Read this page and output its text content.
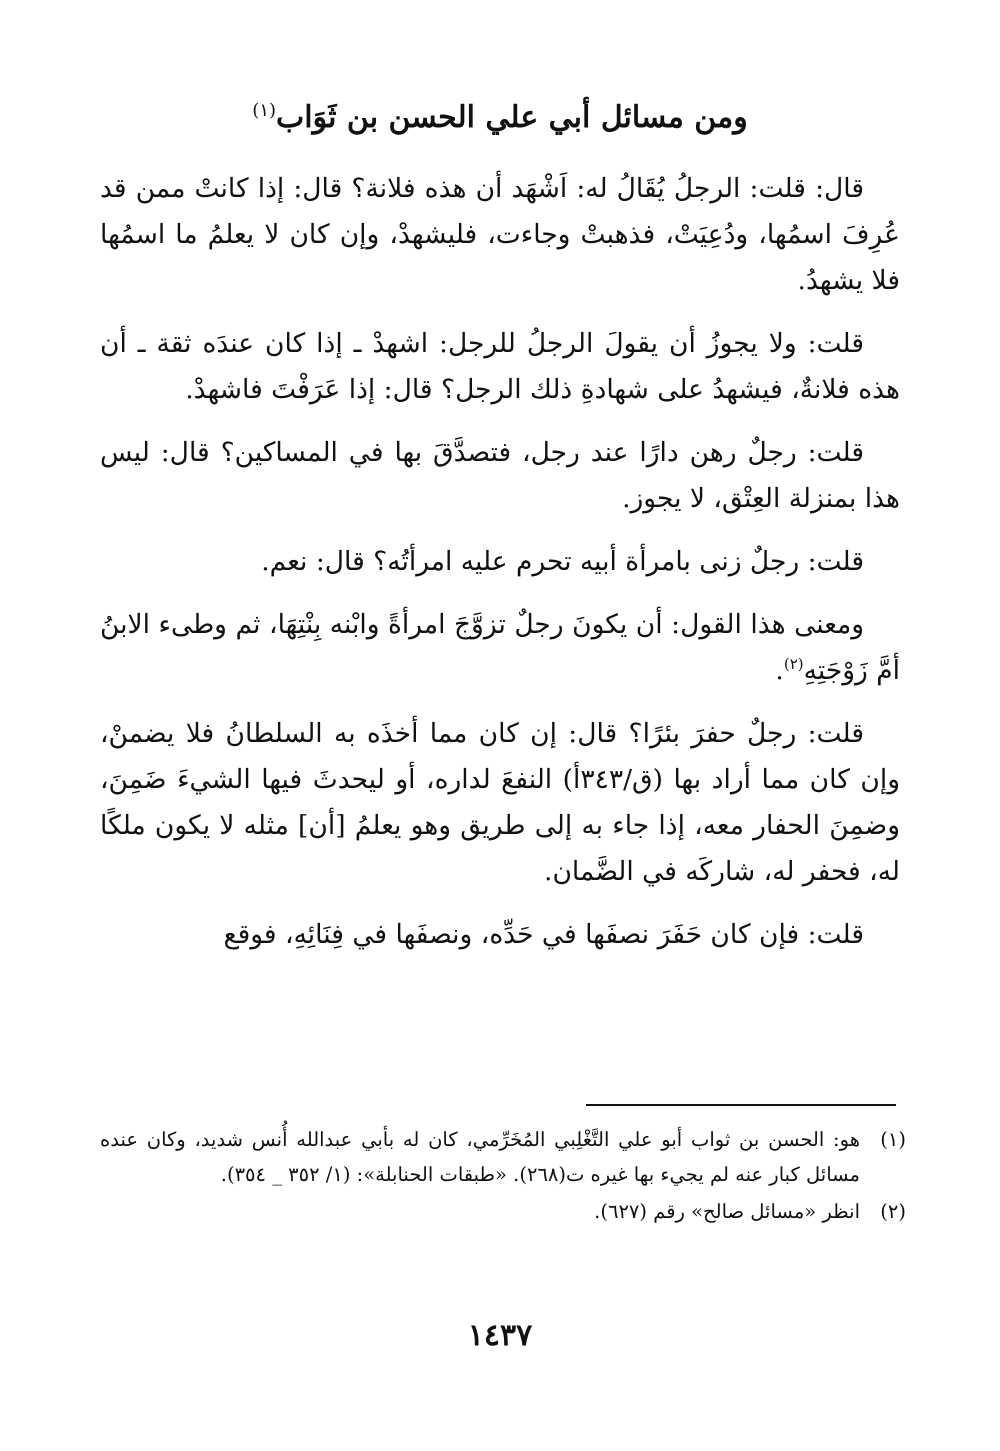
ومن مسائل أبي علي الحسن بن ثَوَاب$^{(١)}$

قال: قلت: الرجلُ يُقَالُ له: اَشْهَد أن هذه فلانة؟ قال: إذا كانتْ ممن قد عُرِفَ اسمُها، ودُعِيَتْ، فذهبتْ وجاءت، فليشهدْ، وإن كان لا يعلمُ ما اسمُها فلا يشهدُ.

قلت: ولا يجوزُ أن يقولَ الرجلُ للرجل: اشهدْ ـ إذا كان عندَه ثقة ـ أن هذه فلانةٌ، فيشهدُ على شهادةِ ذلك الرجل؟ قال: إذا عَرَفْتَ فاشهدْ.

قلت: رجلٌ رهن دارًا عند رجل، فتصدَّقَ بها في المساكين؟ قال: ليس هذا بمنزلة العِتْق، لا يجوز.

قلت: رجلٌ زنى بامرأة أبيه تحرم عليه امرأتُه؟ قال: نعم.

ومعنى هذا القول: أن يكونَ رجلٌ تزوَّجَ امرأةً وابْنه بِنْتِهَا، ثم وطىء الابنُ أمَّ زَوْجَتِهِ$^{(٢)}$.

قلت: رجلٌ حفرَ بئرًا؟ قال: إن كان مما أخذَه به السلطانُ فلا يضمنْ، وإن كان مما أراد بها (ق/٣٤٣أ) النفعَ لداره، أو ليحدثَ فيها الشيءَ ضَمِنَ، وضمِنَ الحفار معه، إذا جاء به إلى طريق وهو يعلمُ [أن] مثله لا يكون ملكًا له، فحفر له، شاركَه في الضَّمان.

قلت: فإن كان حَفَرَ نصفَها في حَدِّه، ونصفَها في فِنَائِهِ، فوقع

(١)
هو: الحسن بن ثواب أبو علي التَّغْلِبي المُخَرِّمي، كان له بأبي عبدالله أُنس شديد، وكان عنده مسائل كبار عنه لم يجيء بها غيره ت(٢٦٨). «طبقات الحنابلة»: (١/ ٣٥٢ _ ٣٥٤).
(٢)
انظر «مسائل صالح» رقم (٦٢٧).
١٤٣٧
